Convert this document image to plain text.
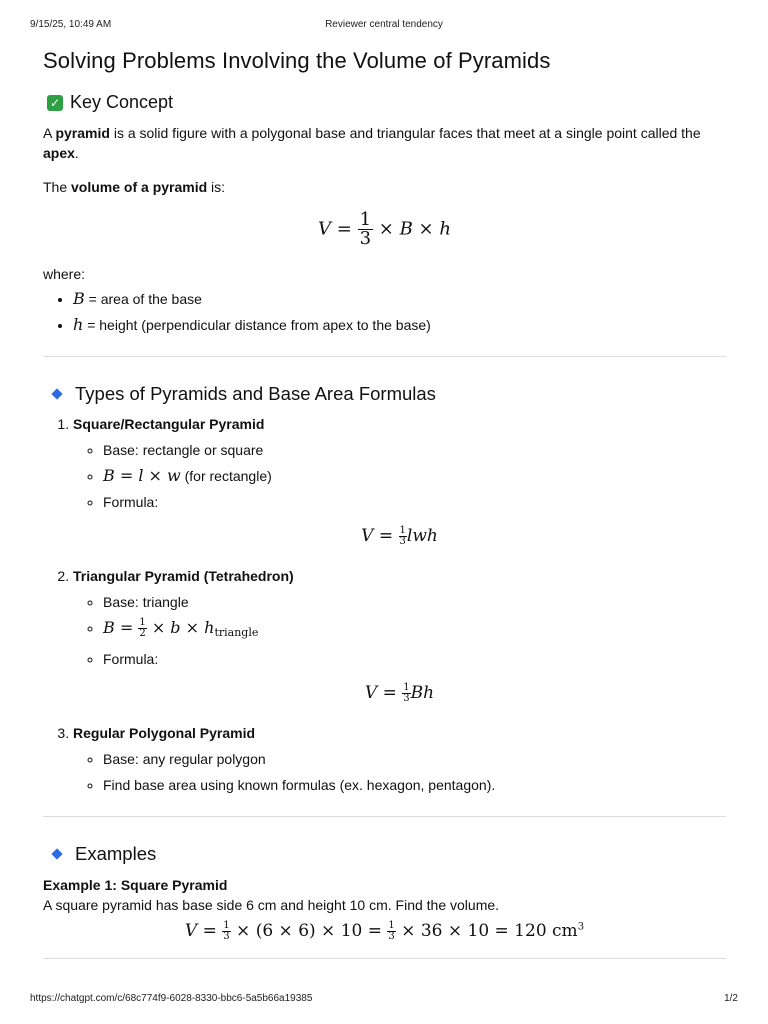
9/15/25, 10:49 AM	Reviewer central tendency
Solving Problems Involving the Volume of Pyramids
✓ Key Concept

A pyramid is a solid figure with a polygonal base and triangular faces that meet at a single point called the apex.

The volume of a pyramid is:

$V = \frac{1}{3} \times B \times h$

where:

• B = area of the base
• h = height (perpendicular distance from apex to the base)
Types of Pyramids and Base Area Formulas
1. Square/Rectangular Pyramid
◦ Base: rectangle or square
◦ B = l × w (for rectangle)
◦ Formula:
$V = \frac{1}{3}$ lwh
2. Triangular Pyramid (Tetrahedron)
◦ Base: triangle
◦ $B = \frac{1}{2} \times b \times h_{triangle}$
◦ Formula:
$V = \frac{1}{3}$ Bh
3. Regular Polygonal Pyramid
◦ Base: any regular polygon
◦ Find base area using known formulas (ex. hexagon, pentagon).
Examples

Example 1: Square Pyramid

A square pyramid has base side 6 cm and height 10 cm. Find the volume.

$V = \frac{1}{3} \times (6 \times 6) \times 10 = \frac{1}{3} \times 36 \times 10 = 120$ $cm^3$
https://chatgpt.com/c/68c774f9-6028-8330-bbc6-5a5b66a19385	1/2
